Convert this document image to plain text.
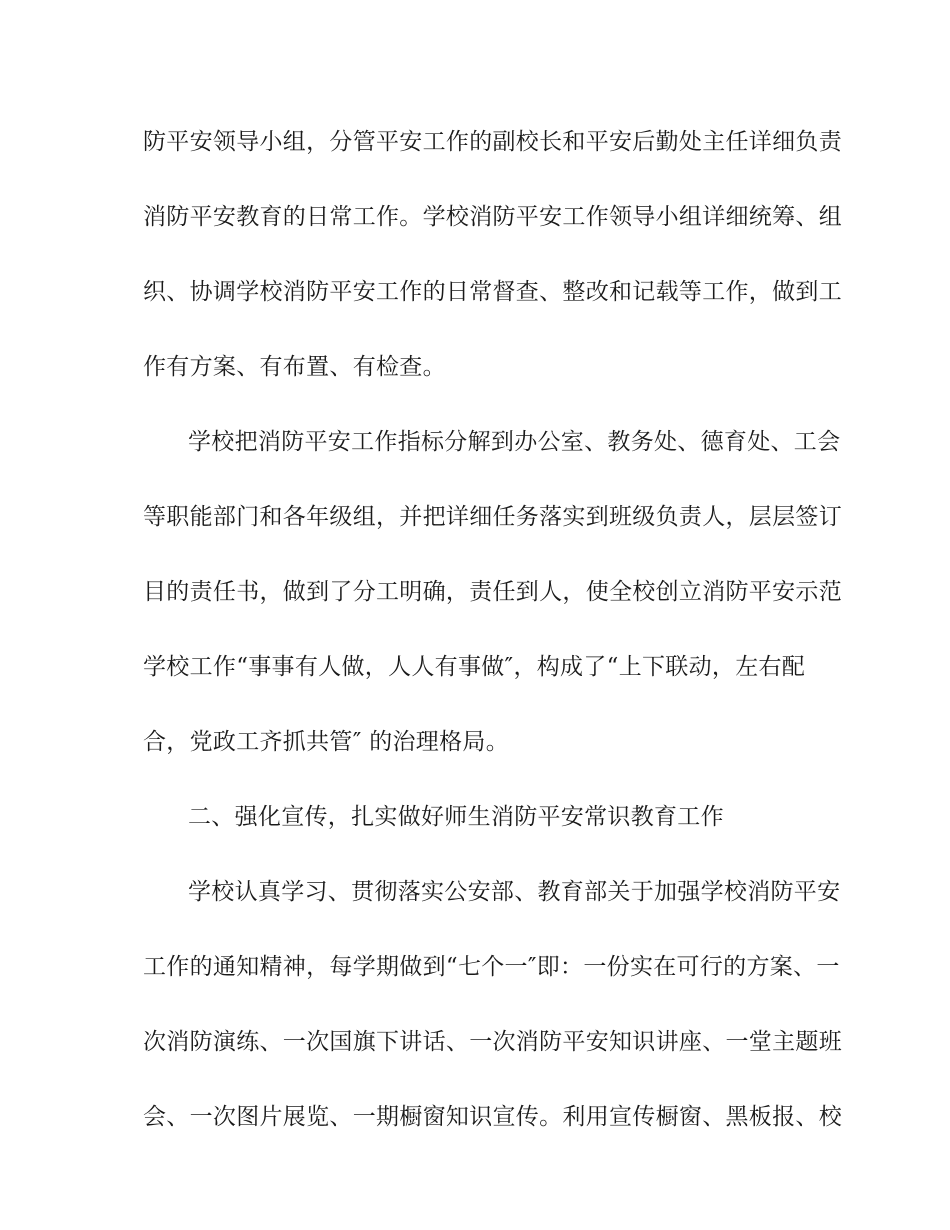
防平安领导小组，分管平安工作的副校长和平安后勤处主任详细负责
消防平安教育的日常工作。学校消防平安工作领导小组详细统筹、组
织、协调学校消防平安工作的日常督查、整改和记载等工作，做到工
作有方案、有布置、有检查。
学校把消防平安工作指标分解到办公室、教务处、德育处、工会
等职能部门和各年级组，并把详细任务落实到班级负责人，层层签订
目的责任书，做到了分工明确，责任到人，使全校创立消防平安示范
学校工作“事事有人做，人人有事做″，构成了“上下联动，左右配
合，党政工齐抓共管″ 的治理格局。
二、强化宣传，扎实做好师生消防平安常识教育工作
学校认真学习、贯彻落实公安部、教育部关于加强学校消防平安
工作的通知精神，每学期做到“七个一″即：一份实在可行的方案、一
次消防演练、一次国旗下讲话、一次消防平安知识讲座、一堂主题班
会、一次图片展览、一期橱窗知识宣传。利用宣传橱窗、黑板报、校
